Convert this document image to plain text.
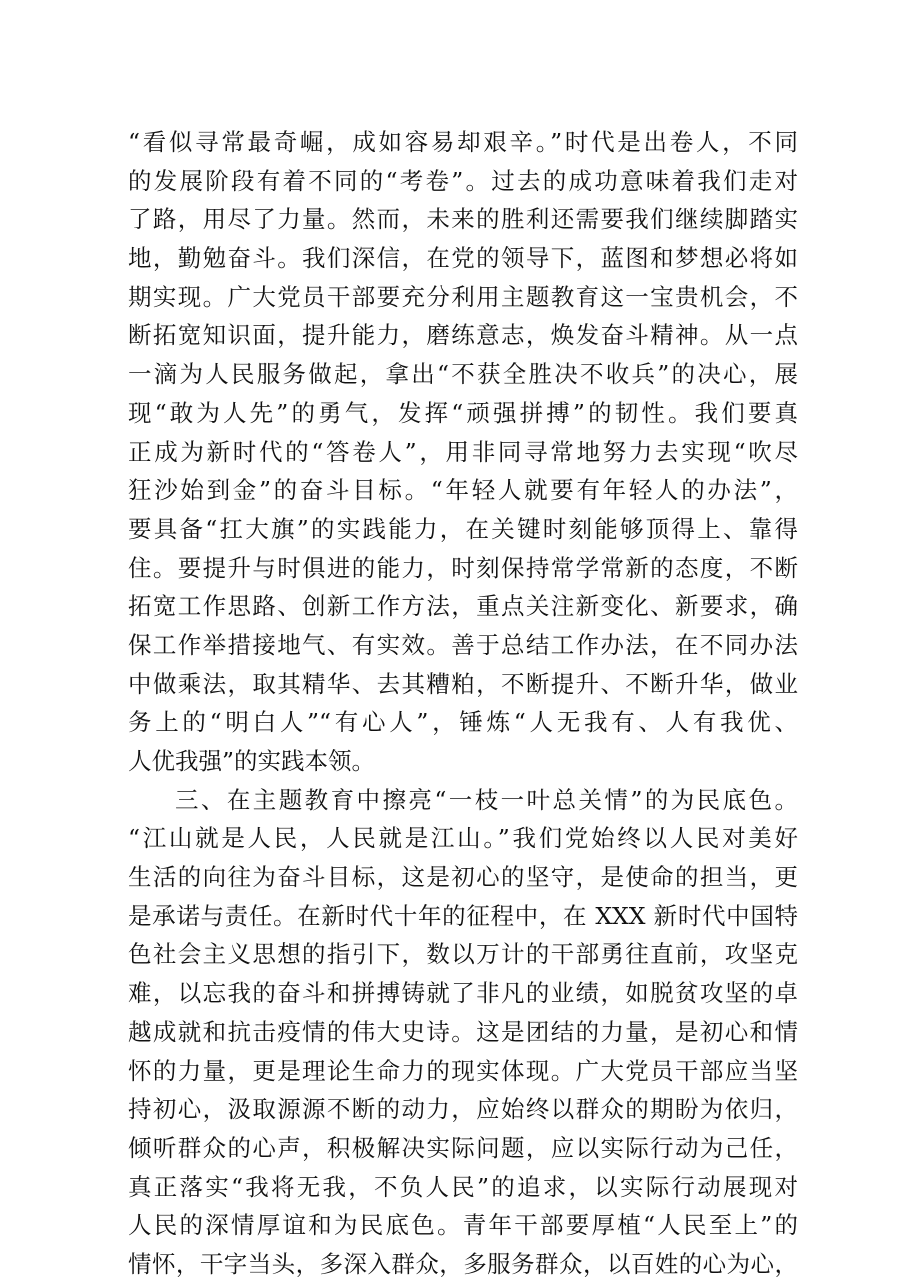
“看似寻常最奇崛，成如容易却艰辛。”时代是出卷人，不同
的发展阶段有着不同的“考卷”。过去的成功意味着我们走对
了路，用尽了力量。然而，未来的胜利还需要我们继续脚踏实
地，勤勉奋斗。我们深信，在党的领导下，蓝图和梦想必将如
期实现。广大党员干部要充分利用主题教育这一宝贵机会，不
断拓宽知识面，提升能力，磨练意志，焕发奋斗精神。从一点
一滴为人民服务做起，拿出“不获全胜决不收兵”的决心，展
现“敢为人先”的勇气，发挥“顽强拼搏”的韧性。我们要真
正成为新时代的“答卷人”，用非同寻常地努力去实现“吹尽
狂沙始到金”的奋斗目标。“年轻人就要有年轻人的办法”，
要具备“扛大旗”的实践能力，在关键时刻能够顶得上、靠得
住。要提升与时俱进的能力，时刻保持常学常新的态度，不断
拓宽工作思路、创新工作方法，重点关注新变化、新要求，确
保工作举措接地气、有实效。善于总结工作办法，在不同办法
中做乘法，取其精华、去其糟粕，不断提升、不断升华，做业
务上的“明白人”“有心人”，锤炼“人无我有、人有我优、
人优我强”的实践本领。
三、在主题教育中擦亮“一枝一叶总关情”的为民底色。
“江山就是人民，人民就是江山。”我们党始终以人民对美好
生活的向往为奋斗目标，这是初心的坚守，是使命的担当，更
是承诺与责任。在新时代十年的征程中，在 XXX 新时代中国特
色社会主义思想的指引下，数以万计的干部勇往直前，攻坚克
难，以忘我的奋斗和拼搏铸就了非凡的业绩，如脱贫攻坚的卓
越成就和抗击疫情的伟大史诗。这是团结的力量，是初心和情
怀的力量，更是理论生命力的现实体现。广大党员干部应当坚
持初心，汲取源源不断的动力，应始终以群众的期盼为依归，
倾听群众的心声，积极解决实际问题，应以实际行动为己任，
真正落实“我将无我，不负人民”的追求，以实际行动展现对
人民的深情厚谊和为民底色。青年干部要厚植“人民至上”的
情怀，干字当头，多深入群众，多服务群众，以百姓的心为心，
